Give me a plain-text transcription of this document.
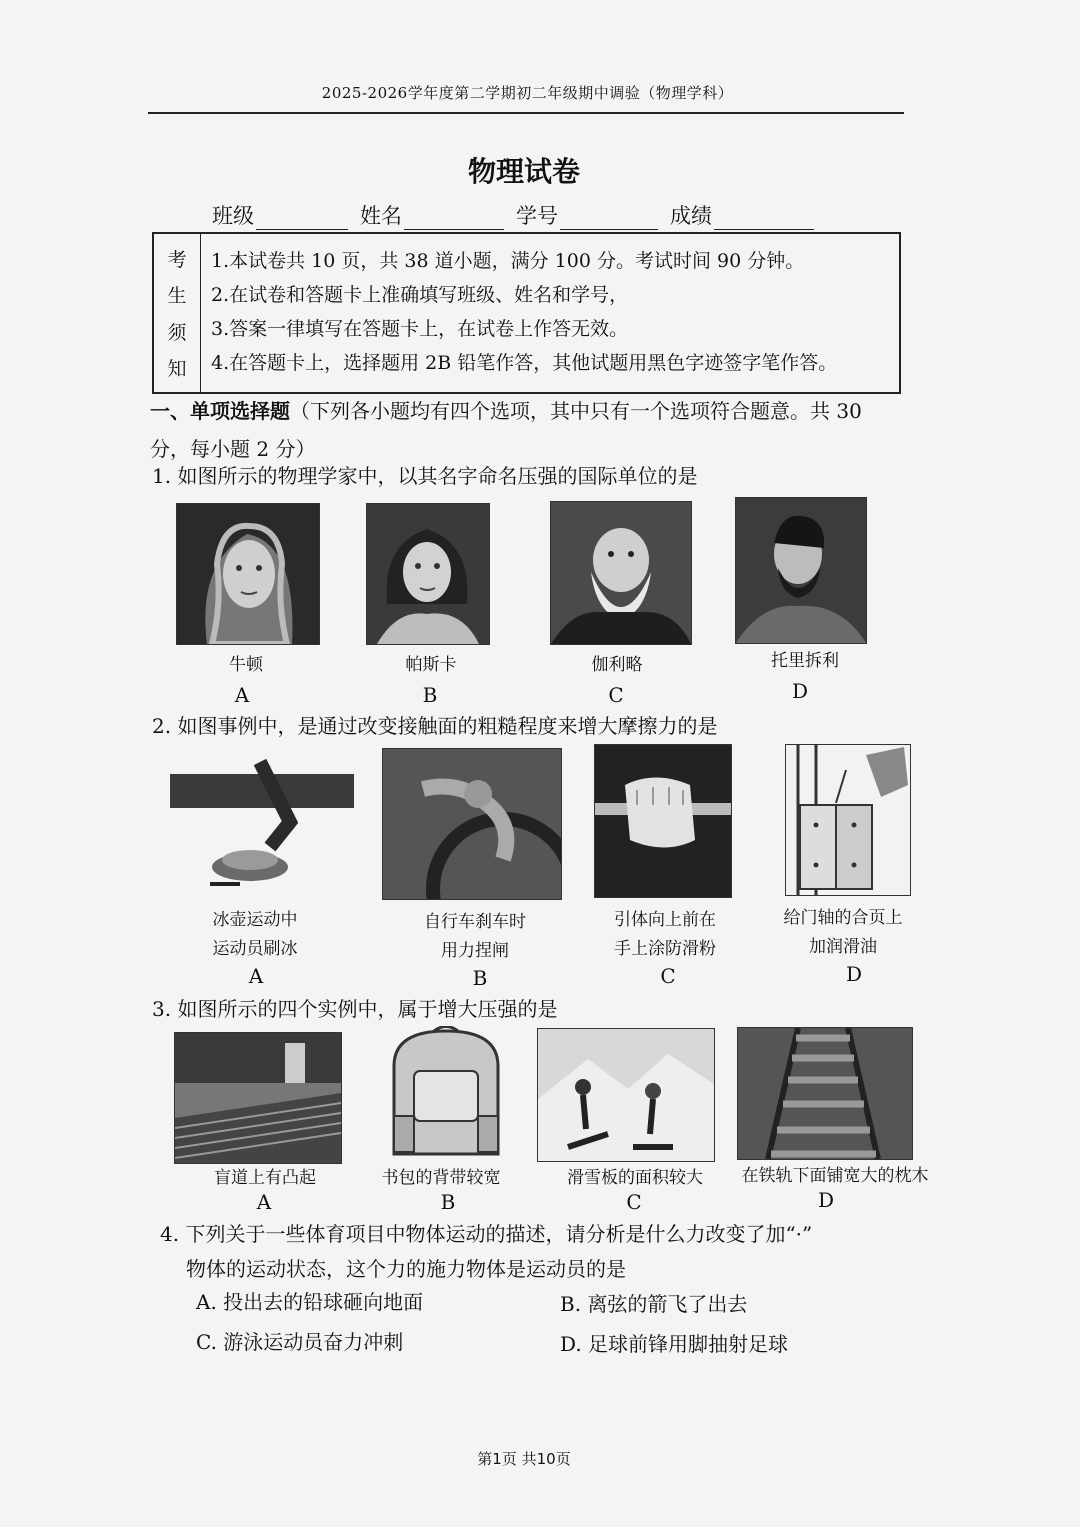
2025-2026学年度第二学期初二年级期中调验（物理学科）
物理试卷
班级	姓名	学号	成绩
考
生
须
知
1.本试卷共 10 页，共 38 道小题，满分 100 分。考试时间 90 分钟。
2.在试卷和答题卡上准确填写班级、姓名和学号，
3.答案一律填写在答题卡上，在试卷上作答无效。
4.在答题卡上，选择题用 2B 铅笔作答，其他试题用黑色字迹签字笔作答。
一、单项选择题（下列各小题均有四个选项，其中只有一个选项符合题意。共 30
分，每小题 2 分）
1. 如图所示的物理学家中，以其名字命名压强的国际单位的是
牛顿	帕斯卡	伽利略	托里拆利
A	B	C	D
2. 如图事例中，是通过改变接触面的粗糙程度来增大摩擦力的是
冰壶运动中
运动员刷冰
自行车刹车时
用力捏闸
引体向上前在
手上涂防滑粉
给门轴的合页上
加润滑油
A	B	C	D
3. 如图所示的四个实例中，属于增大压强的是
盲道上有凸起	书包的背带较宽	滑雪板的面积较大	在铁轨下面铺宽大的枕木
A	B	C	D
4. 下列关于一些体育项目中物体运动的描述，请分析是什么力改变了加“·”
物体的运动状态，这个力的施力物体是运动员的是
A. 投出去的铅球砸向地面	B. 离弦的箭飞了出去
C. 游泳运动员奋力冲刺	D. 足球前锋用脚抽射足球
第1页 共10页
